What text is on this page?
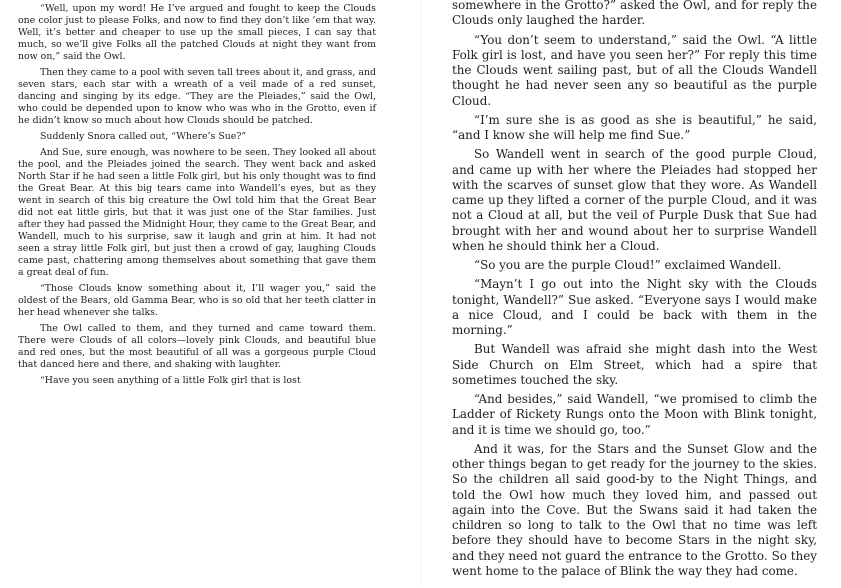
“Well, upon my word! He I’ve argued and fought to keep the Clouds one color just to please Folks, and now to find they don’t like ’em that way. Well, it’s better and cheaper to use up the small pieces, I can say that much, so we’ll give Folks all the patched Clouds at night they want from now on,” said the Owl.

Then they came to a pool with seven tall trees about it, and grass, and seven stars, each star with a wreath of a veil made of a red sunset, dancing and singing by its edge. “They are the Pleiades,” said the Owl, who could be depended upon to know who was who in the Grotto, even if he didn’t know so much about how Clouds should be patched.

Suddenly Snora called out, “Where’s Sue?”

And Sue, sure enough, was nowhere to be seen. They looked all about the pool, and the Pleiades joined the search. They went back and asked North Star if he had seen a little Folk girl, but his only thought was to find the Great Bear. At this big tears came into Wandell’s eyes, but as they went in search of this big creature the Owl told him that the Great Bear did not eat little girls, but that it was just one of the Star families. Just after they had passed the Midnight Hour, they came to the Great Bear, and Wandell, much to his surprise, saw it laugh and grin at him. It had not seen a stray little Folk girl, but just then a crowd of gay, laughing Clouds came past, chattering among themselves about something that gave them a great deal of fun.

“Those Clouds know something about it, I’ll wager you,” said the oldest of the Bears, old Gamma Bear, who is so old that her teeth clatter in her head whenever she talks.

The Owl called to them, and they turned and came toward them. There were Clouds of all colors—lovely pink Clouds, and beautiful blue and red ones, but the most beautiful of all was a gorgeous purple Cloud that danced here and there, and shaking with laughter.

“Have you seen anything of a little Folk girl that is lost

somewhere in the Grotto?” asked the Owl, and for reply the Clouds only laughed the harder.

“You don’t seem to understand,” said the Owl. “A little Folk girl is lost, and have you seen her?” For reply this time the Clouds went sailing past, but of all the Clouds Wandell thought he had never seen any so beautiful as the purple Cloud.

“I’m sure she is as good as she is beautiful,” he said, “and I know she will help me find Sue.”

So Wandell went in search of the good purple Cloud, and came up with her where the Pleiades had stopped her with the scarves of sunset glow that they wore. As Wandell came up they lifted a corner of the purple Cloud, and it was not a Cloud at all, but the veil of Purple Dusk that Sue had brought with her and wound about her to surprise Wandell when he should think her a Cloud.

“So you are the purple Cloud!” exclaimed Wandell.

“Mayn’t I go out into the Night sky with the Clouds tonight, Wandell?” Sue asked. “Everyone says I would make a nice Cloud, and I could be back with them in the morning.”

But Wandell was afraid she might dash into the West Side Church on Elm Street, which had a spire that sometimes touched the sky.

“And besides,” said Wandell, “we promised to climb the Ladder of Rickety Rungs onto the Moon with Blink tonight, and it is time we should go, too.”

And it was, for the Stars and the Sunset Glow and the other things began to get ready for the journey to the skies. So the children all said good-by to the Night Things, and told the Owl how much they loved him, and passed out again into the Cove. But the Swans said it had taken the children so long to talk to the Owl that no time was left before they should have to become Stars in the night sky, and they need not guard the entrance to the Grotto. So they went home to the palace of Blink the way they had come.
